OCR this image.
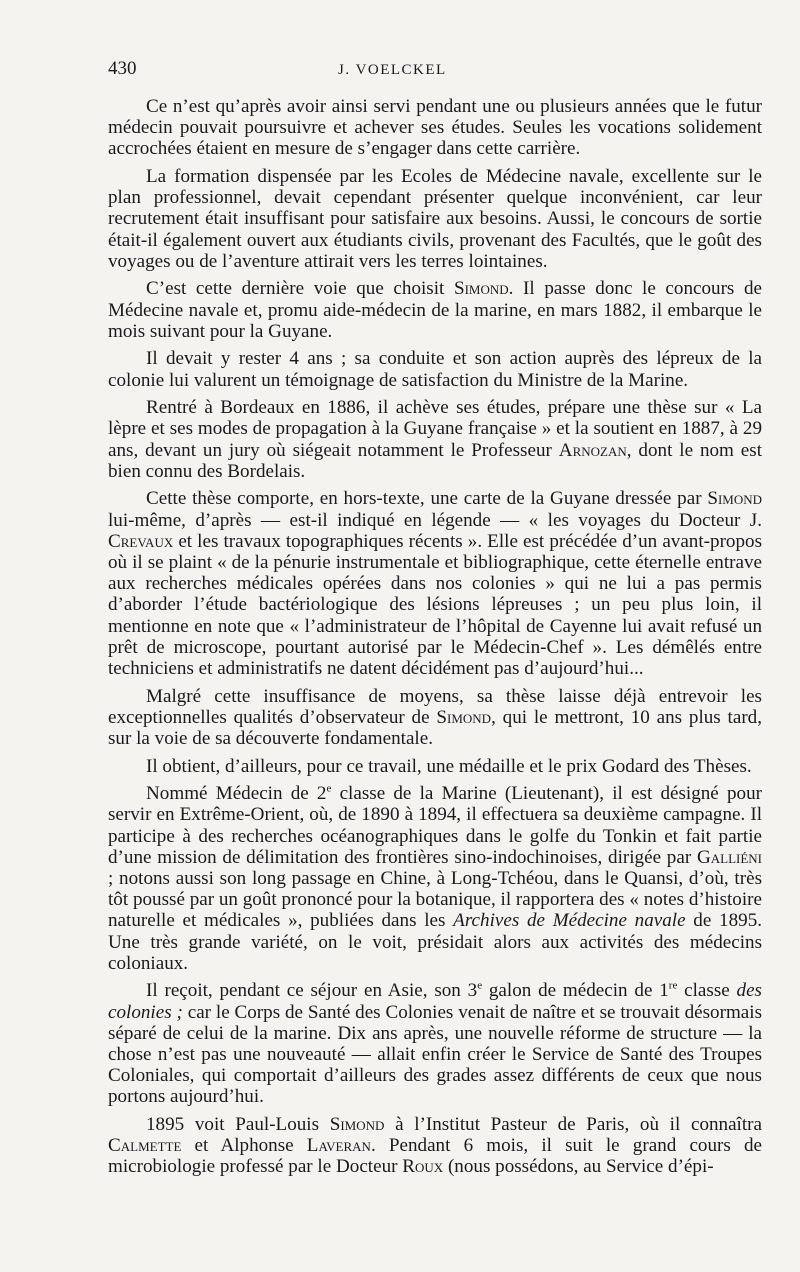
430	J. VOELCKEL

Ce n’est qu’après avoir ainsi servi pendant une ou plusieurs années que le futur médecin pouvait poursuivre et achever ses études. Seules les vocations solidement accrochées étaient en mesure de s’engager dans cette carrière.

La formation dispensée par les Ecoles de Médecine navale, excellente sur le plan professionnel, devait cependant présenter quelque inconvénient, car leur recrutement était insuffisant pour satisfaire aux besoins. Aussi, le concours de sortie était-il également ouvert aux étudiants civils, provenant des Facultés, que le goût des voyages ou de l’aventure attirait vers les terres lointaines.

C’est cette dernière voie que choisit Simond. Il passe donc le concours de Médecine navale et, promu aide-médecin de la marine, en mars 1882, il embarque le mois suivant pour la Guyane.

Il devait y rester 4 ans ; sa conduite et son action auprès des lépreux de la colonie lui valurent un témoignage de satisfaction du Ministre de la Marine.

Rentré à Bordeaux en 1886, il achève ses études, prépare une thèse sur « La lèpre et ses modes de propagation à la Guyane française » et la soutient en 1887, à 29 ans, devant un jury où siégeait notamment le Professeur Arnozan, dont le nom est bien connu des Bordelais.

Cette thèse comporte, en hors-texte, une carte de la Guyane dressée par Simond lui-même, d’après — est-il indiqué en légende — « les voyages du Docteur J. Crevaux et les travaux topographiques récents ». Elle est précédée d’un avant-propos où il se plaint « de la pénurie instrumentale et bibliographique, cette éternelle entrave aux recherches médicales opérées dans nos colonies » qui ne lui a pas permis d’aborder l’étude bactériologique des lésions lépreuses ; un peu plus loin, il mentionne en note que « l’administrateur de l’hôpital de Cayenne lui avait refusé un prêt de microscope, pourtant autorisé par le Médecin-Chef ». Les démêlés entre techniciens et administratifs ne datent décidément pas d’aujourd’hui...

Malgré cette insuffisance de moyens, sa thèse laisse déjà entrevoir les exceptionnelles qualités d’observateur de Simond, qui le mettront, 10 ans plus tard, sur la voie de sa découverte fondamentale.

Il obtient, d’ailleurs, pour ce travail, une médaille et le prix Godard des Thèses.

Nommé Médecin de 2e classe de la Marine (Lieutenant), il est désigné pour servir en Extrême-Orient, où, de 1890 à 1894, il effectuera sa deuxième campagne. Il participe à des recherches océanographiques dans le golfe du Tonkin et fait partie d’une mission de délimitation des frontières sino-indochinoises, dirigée par Galliéni ; notons aussi son long passage en Chine, à Long-Tchéou, dans le Quansi, d’où, très tôt poussé par un goût prononcé pour la botanique, il rapportera des « notes d’histoire naturelle et médicales », publiées dans les Archives de Médecine navale de 1895. Une très grande variété, on le voit, présidait alors aux activités des médecins coloniaux.

Il reçoit, pendant ce séjour en Asie, son 3e galon de médecin de 1re classe des colonies ; car le Corps de Santé des Colonies venait de naître et se trouvait désormais séparé de celui de la marine. Dix ans après, une nouvelle réforme de structure — la chose n’est pas une nouveauté — allait enfin créer le Service de Santé des Troupes Coloniales, qui comportait d’ailleurs des grades assez différents de ceux que nous portons aujourd’hui.

1895 voit Paul-Louis Simond à l’Institut Pasteur de Paris, où il connaîtra Calmette et Alphonse Laveran. Pendant 6 mois, il suit le grand cours de microbiologie professé par le Docteur Roux (nous possédons, au Service d’épi-
